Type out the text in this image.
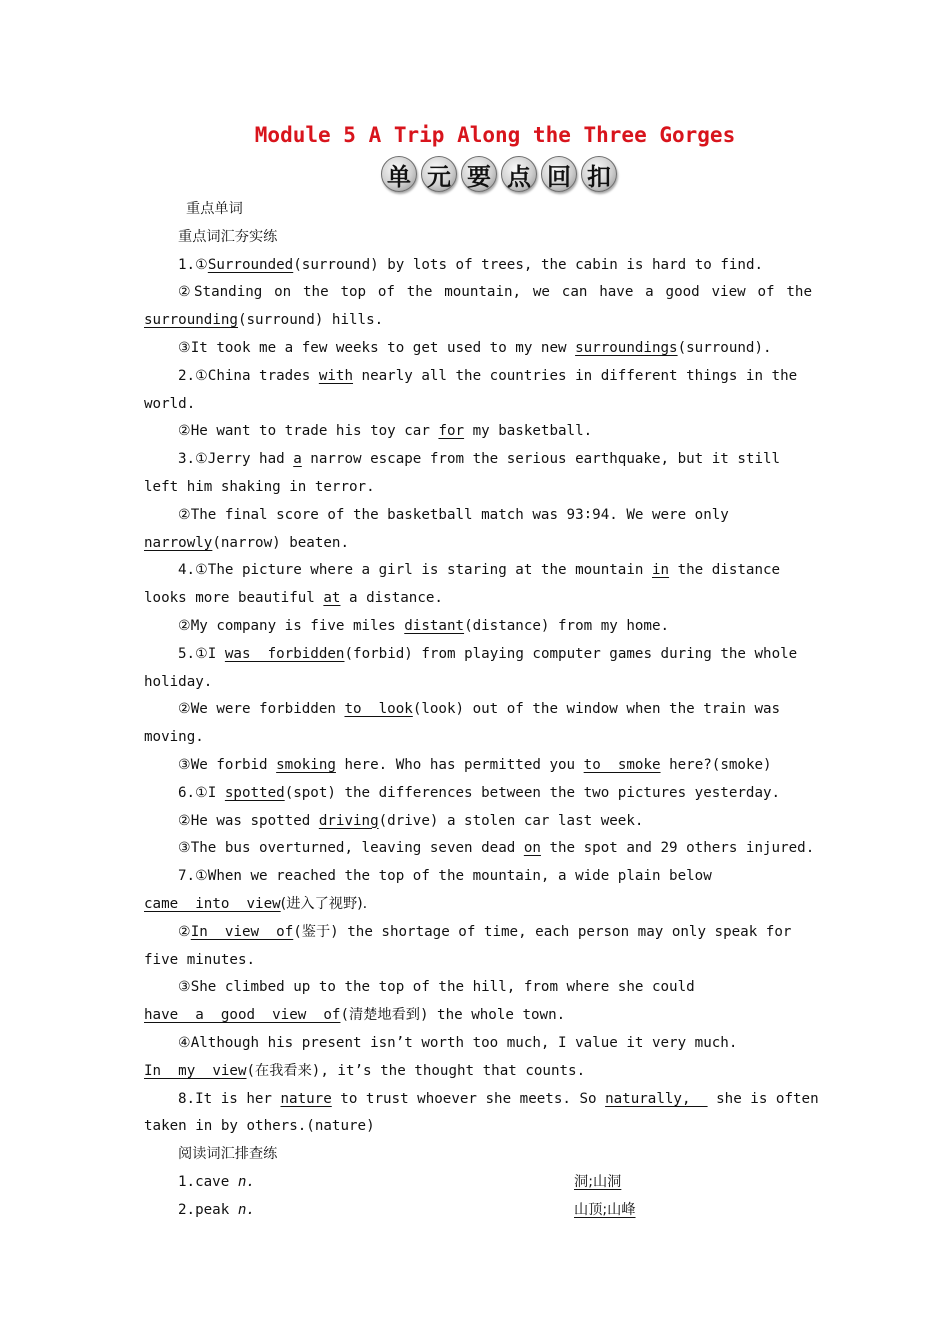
Module 5 A Trip Along the Three Gorges
单 元 要 点 回 扣
重点单词
重点词汇夯实练
1.①Surrounded(surround) by lots of trees, the cabin is hard to find.
②Standing on the top of the mountain, we can have a good view of the
surrounding(surround) hills.
③It took me a few weeks to get used to my new surroundings(surround).
2.①China trades with nearly all the countries in different things in the
world.
②He want to trade his toy car for my basketball.
3.①Jerry had a narrow escape from the serious earthquake, but it still
left him shaking in terror.
②The final score of the basketball match was 93∶94. We were only
narrowly(narrow) beaten.
4.①The picture where a girl is staring at the mountain in the distance
looks more beautiful at a distance.
②My company is five miles distant(distance) from my home.
5.①I was  forbidden(forbid) from playing computer games during the whole
holiday.
②We were forbidden to  look(look) out of the window when the train was
moving.
③We forbid smoking here. Who has permitted you to  smoke here?(smoke)
6.①I spotted(spot) the differences between the two pictures yesterday.
②He was spotted driving(drive) a stolen car last week.
③The bus overturned, leaving seven dead on the spot and 29 others injured.
7.①When we reached the top of the mountain, a wide plain below
came  into  view(进入了视野).
②In  view  of(鉴于) the shortage of time, each person may only speak for
five minutes.
③She climbed up to the top of the hill, from where she could
have  a  good  view  of(清楚地看到) the whole town.
④Although his present isn’t worth too much, I value it very much.
In  my  view(在我看来), it’s the thought that counts.
8.It is her nature to trust whoever she meets. So naturally,   she is often
taken in by others.(nature)
阅读词汇排查练
1.cave n.	洞;山洞
2.peak n.	山顶;山峰
